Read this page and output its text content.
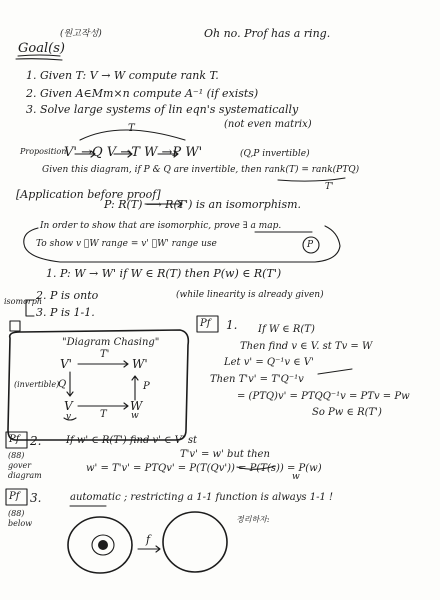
(원고작성)	Oh no. Prof has a ring.
Goal(s)
1. Given T: V → W compute rank T.
2. Given A∈Mm×n compute A⁻¹ (if exists)
3. Solve large systems of lin eqn's systematically
(not even matrix)
T
Proposition
V' →Q V →T W →P W'	(Q,P invertible)
Given this diagram, if P & Q are invertible, then rank(T) = rank(PTQ)
T'
[Application before proof]
P: R(T) ⟶ R(T') is an isomorphism.
In order to show that are isomorphic, prove ∃ a map.
To show v ⃗W range = v' ⃗W' range use	P
1. P: W → W' if W ∈ R(T) then P(w) ∈ R(T')
isomorph
2. P is onto
3. P is 1-1.
(while linearity is already given)
"Diagram Chasing"
T'
V'	W'
(invertible)
Q	P
V	W
T
v	w
Pf 1. If W ∈ R(T)
Then find v ∈ V. st Tv = W
Let v' = Q⁻¹v ∈ V'
Then T'v' = T'Q⁻¹v
= (PTQ)v' = PTQQ⁻¹v = PTv = Pw
So Pw ∈ R(T')
Pf 2.
(88)
gover
diagram
If w' ∈ R(T') find v' ∈ V' st
T'v' = w' but then
w' = T'v' = PTQv' = P(T(Qv')) = P(T(s)) = P(w)
w
Pf 3.	automatic ; restricting a 1-1 function is always 1-1 !
(88)
below	정리하자:
f
